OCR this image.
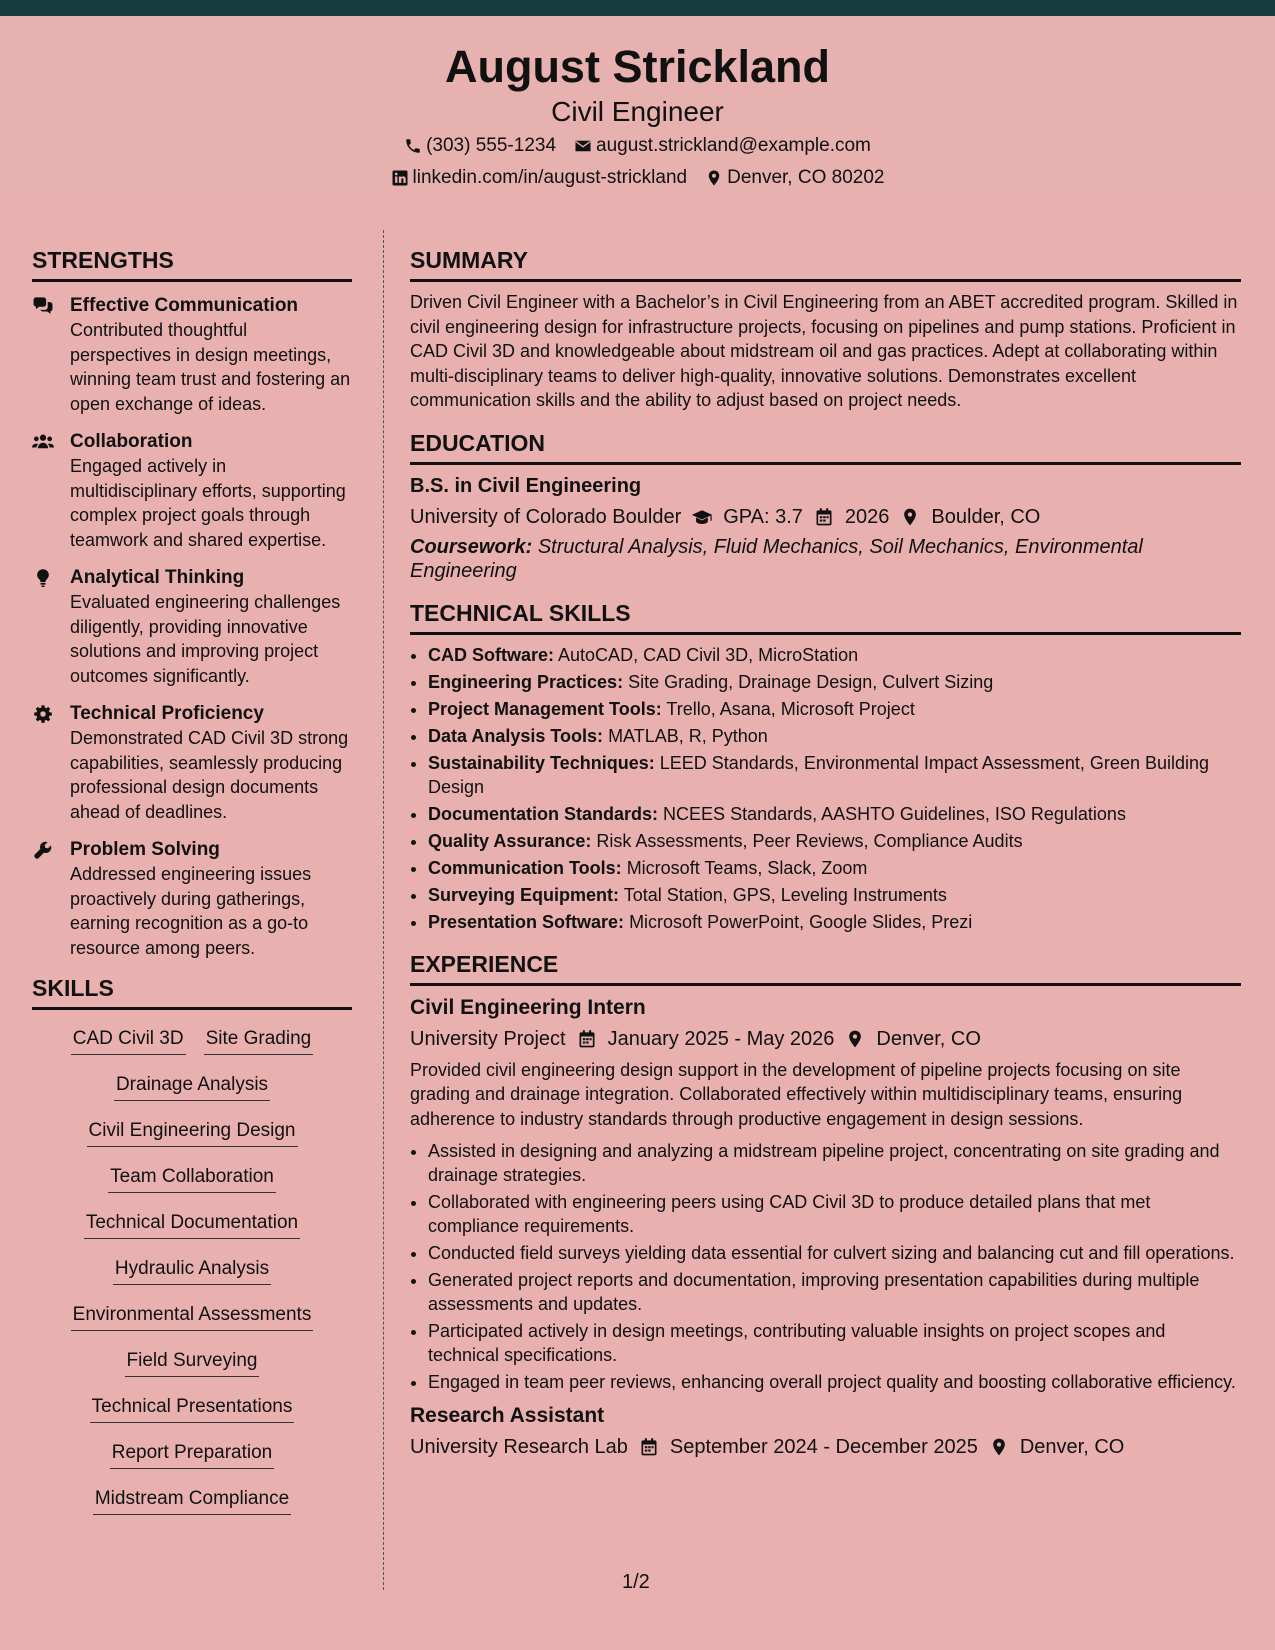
August Strickland
Civil Engineer
(303) 555-1234 august.strickland@example.com
linkedin.com/in/august-strickland Denver, CO 80202
STRENGTHS
Effective Communication
Contributed thoughtful perspectives in design meetings, winning team trust and fostering an open exchange of ideas.
Collaboration
Engaged actively in multidisciplinary efforts, supporting complex project goals through teamwork and shared expertise.
Analytical Thinking
Evaluated engineering challenges diligently, providing innovative solutions and improving project outcomes significantly.
Technical Proficiency
Demonstrated CAD Civil 3D strong capabilities, seamlessly producing professional design documents ahead of deadlines.
Problem Solving
Addressed engineering issues proactively during gatherings, earning recognition as a go-to resource among peers.
SKILLS
CAD Civil 3D Site Grading
Drainage Analysis
Civil Engineering Design
Team Collaboration
Technical Documentation
Hydraulic Analysis
Environmental Assessments
Field Surveying
Technical Presentations
Report Preparation
Midstream Compliance
SUMMARY
Driven Civil Engineer with a Bachelor’s in Civil Engineering from an ABET accredited program. Skilled in civil engineering design for infrastructure projects, focusing on pipelines and pump stations. Proficient in CAD Civil 3D and knowledgeable about midstream oil and gas practices. Adept at collaborating within multi-disciplinary teams to deliver high-quality, innovative solutions. Demonstrates excellent communication skills and the ability to adjust based on project needs.
EDUCATION
B.S. in Civil Engineering
University of Colorado Boulder GPA: 3.7 2026 Boulder, CO
Coursework: Structural Analysis, Fluid Mechanics, Soil Mechanics, Environmental Engineering
TECHNICAL SKILLS
• CAD Software: AutoCAD, CAD Civil 3D, MicroStation
• Engineering Practices: Site Grading, Drainage Design, Culvert Sizing
• Project Management Tools: Trello, Asana, Microsoft Project
• Data Analysis Tools: MATLAB, R, Python
• Sustainability Techniques: LEED Standards, Environmental Impact Assessment, Green Building Design
• Documentation Standards: NCEES Standards, AASHTO Guidelines, ISO Regulations
• Quality Assurance: Risk Assessments, Peer Reviews, Compliance Audits
• Communication Tools: Microsoft Teams, Slack, Zoom
• Surveying Equipment: Total Station, GPS, Leveling Instruments
• Presentation Software: Microsoft PowerPoint, Google Slides, Prezi
EXPERIENCE
Civil Engineering Intern
University Project January 2025 - May 2026 Denver, CO
Provided civil engineering design support in the development of pipeline projects focusing on site grading and drainage integration. Collaborated effectively within multidisciplinary teams, ensuring adherence to industry standards through productive engagement in design sessions.
• Assisted in designing and analyzing a midstream pipeline project, concentrating on site grading and drainage strategies.
• Collaborated with engineering peers using CAD Civil 3D to produce detailed plans that met compliance requirements.
• Conducted field surveys yielding data essential for culvert sizing and balancing cut and fill operations.
• Generated project reports and documentation, improving presentation capabilities during multiple assessments and updates.
• Participated actively in design meetings, contributing valuable insights on project scopes and technical specifications.
• Engaged in team peer reviews, enhancing overall project quality and boosting collaborative efficiency.
Research Assistant
University Research Lab September 2024 - December 2025 Denver, CO
1/2
